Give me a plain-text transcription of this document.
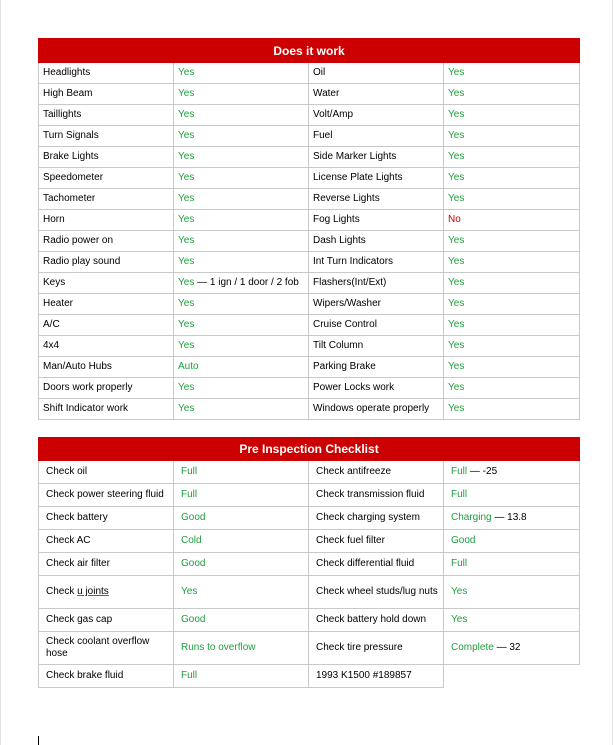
Does it work			
Headlights	Yes	Oil	Yes
High Beam	Yes	Water	Yes
Taillights	Yes	Volt/Amp	Yes
Turn Signals	Yes	Fuel	Yes
Brake Lights	Yes	Side Marker Lights	Yes
Speedometer	Yes	License Plate Lights	Yes
Tachometer	Yes	Reverse Lights	Yes
Horn	Yes	Fog Lights	No
Radio power on	Yes	Dash Lights	Yes
Radio play sound	Yes	Int Turn Indicators	Yes
Keys	Yes — 1 ign / 1 door / 2 fob	Flashers(Int/Ext)	Yes
Heater	Yes	Wipers/Washer	Yes
A/C	Yes	Cruise Control	Yes
4x4	Yes	Tilt Column	Yes
Man/Auto Hubs	Auto	Parking Brake	Yes
Doors work properly	Yes	Power Locks work	Yes
Shift Indicator work	Yes	Windows operate properly	Yes
Pre Inspection Checklist			
Check oil	Full	Check antifreeze	Full — -25
Check power steering fluid	Full	Check transmission fluid	Full
Check battery	Good	Check charging system	Charging — 13.8
Check AC	Cold	Check fuel filter	Good
Check air filter	Good	Check differential fluid	Full
Check u joints	Yes	Check wheel studs/lug nuts	Yes
Check gas cap	Good	Check battery hold down	Yes
Check coolant overflow hose	Runs to overflow	Check tire pressure	Complete — 32
Check brake fluid	Full	1993 K1500 #189857	
